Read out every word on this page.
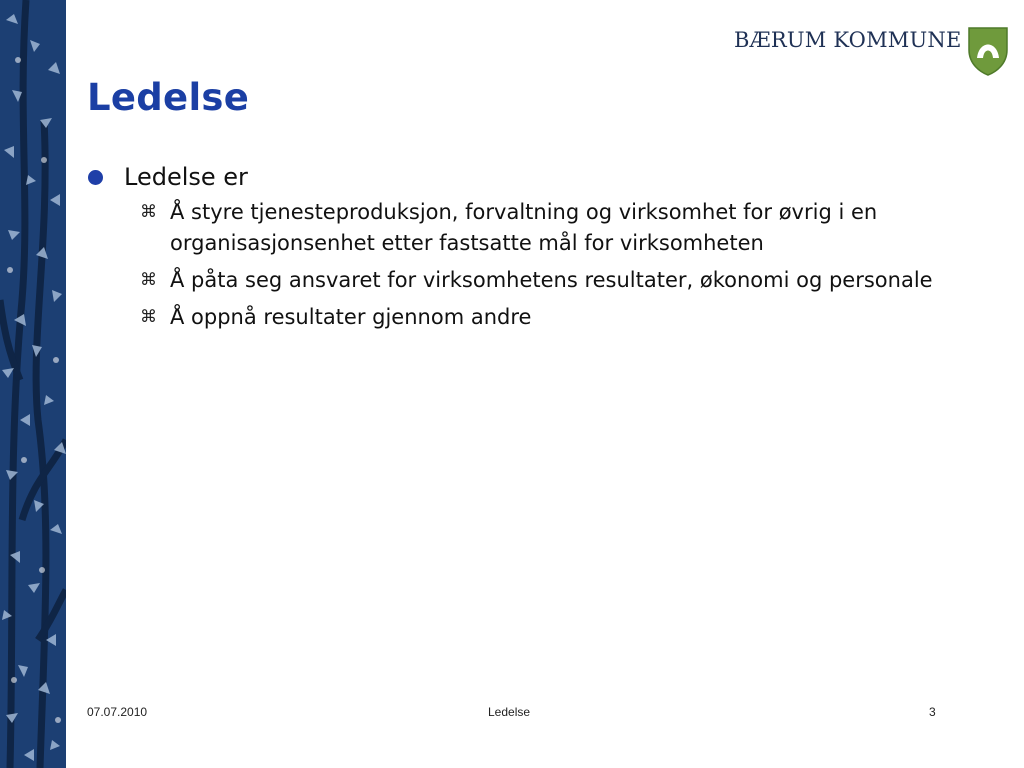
BÆRUM KOMMUNE
Ledelse
Ledelse er
⌘ Å styre tjenesteproduksjon, forvaltning og virksomhet for øvrig i en organisasjonsenhet etter fastsatte mål for virksomheten
⌘ Å påta seg ansvaret for virksomhetens resultater, økonomi og personale
⌘ Å oppnå resultater gjennom andre
07.07.2010	Ledelse	3
